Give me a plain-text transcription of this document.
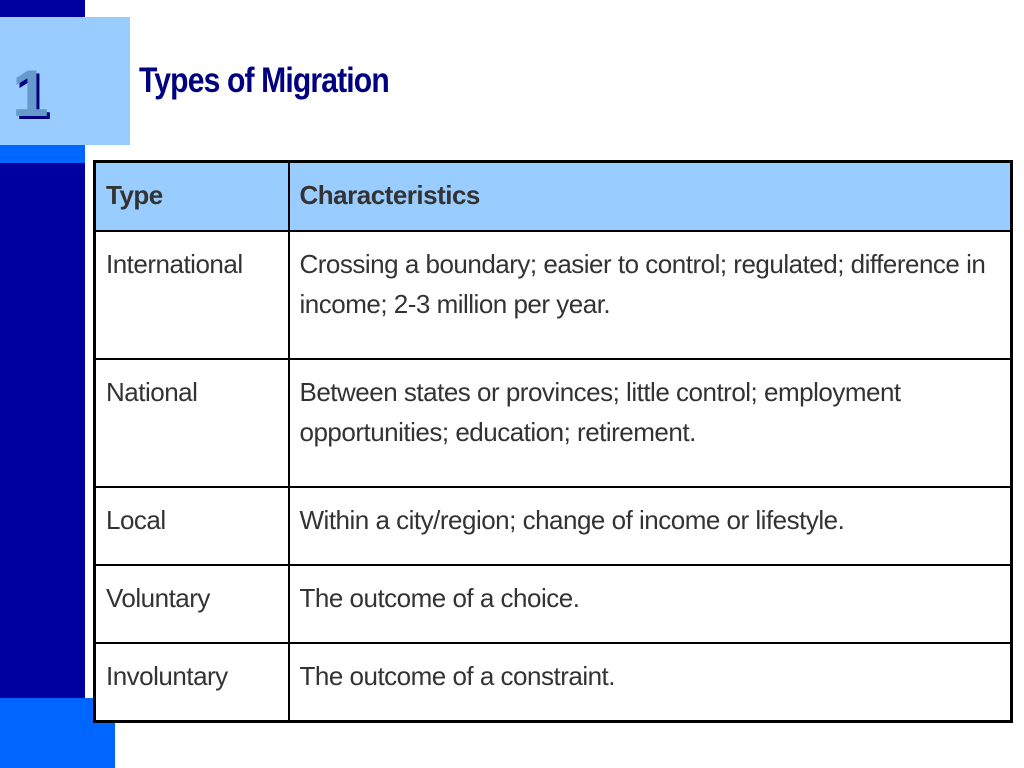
1	Types of Migration
Type	Characteristics
International	Crossing a boundary; easier to control; regulated; difference in income; 2-3 million per year.
National	Between states or provinces; little control; employment opportunities; education; retirement.
Local	Within a city/region; change of income or lifestyle.
Voluntary	The outcome of a choice.
Involuntary	The outcome of a constraint.
